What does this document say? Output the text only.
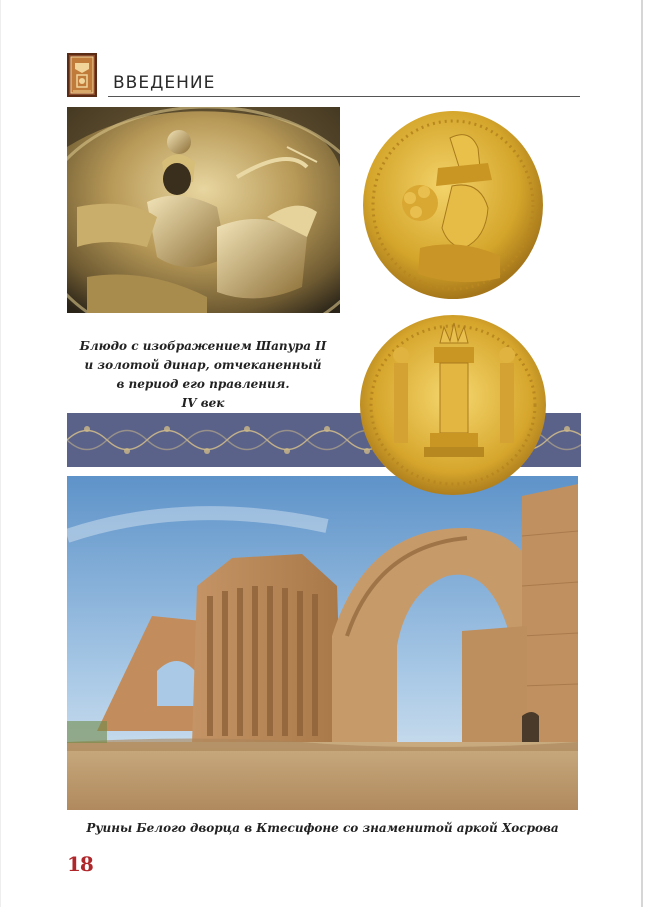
ВВЕДЕНИЕ
Блюдо с изображением Шапура II
и золотой динар, отчеканенный
в период его правления.
IV век
Руины Белого дворца в Ктесифоне со знаменитой аркой Хосрова
18
